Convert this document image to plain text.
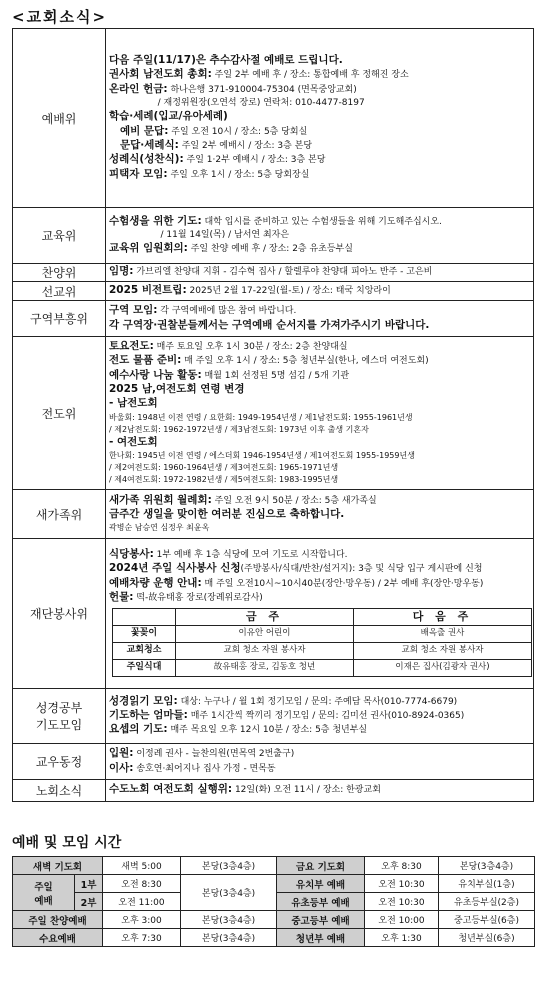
<교회소식>
예배위	
다음 주일(11/17)은 추수감사절 예배로 드립니다.
권사회 남전도회 총회: 주일 2부 예배 후 / 장소: 통합예배 후 정해진 장소
온라인 헌금: 하나은행 371-910004-75304 (면목중앙교회)
/ 재정위원장(오연석 장로) 연락처: 010-4477-8197
학습·세례(입교/유아세례)
예비 문답: 주일 오전 10시 / 장소: 5층 당회실
문답·세례식: 주일 2부 예배시 / 장소: 3층 본당
성례식(성찬식): 주일 1·2부 예배시 / 장소: 3층 본당
피택자 모임: 주일 오후 1시 / 장소: 5층 당회장실

교육위	
수험생을 위한 기도: 대학 입시를 준비하고 있는 수험생들을 위해 기도해주십시오.
/ 11월 14일(목) / 남서연 최자은
교육위 임원회의: 주일 찬양 예배 후 / 장소: 2층 유초등부실

찬양위	임명: 가브리엘 찬양대 지휘 - 김수혁 집사 / 할렐루야 찬양대 피아노 반주 - 고은비

선교위	2025 비전트립: 2025년 2월 17-22일(월-토) / 장소: 태국 치앙라이

구역부흥위	
구역 모임: 각 구역예배에 많은 참여 바랍니다.
각 구역장·권찰분들께서는 구역예배 순서지를 가져가주시기 바랍니다.

전도위	
토요전도: 매주 토요일 오후 1시 30분 / 장소: 2층 찬양대실
전도 물품 준비: 매 주일 오후 1시 / 장소: 5층 청년부실(한나, 에스더 여전도회)
예수사랑 나눔 활동: 매월 1회 선정된 5명 섬김 / 5개 기관
2025 남,여전도회 연령 변경
- 남전도회
바울회: 1948년 이전 연령 / 요한회: 1949-1954년생 / 제1남전도회: 1955-1961년생
/ 제2남전도회: 1962-1972년생 / 제3남전도회: 1973년 이후 출생 기혼자
- 여전도회
한나회: 1945년 이전 연령 / 에스더회 1946-1954년생 / 제1여전도회 1955-1959년생
/ 제2여전도회: 1960-1964년생 / 제3여전도회: 1965-1971년생
/ 제4여전도회: 1972-1982년생 / 제5여전도회: 1983-1995년생

새가족위	
새가족 위원회 월례회: 주일 오전 9시 50분 / 장소: 5층 새가족실
금주간 생일을 맞이한 여러분 진심으로 축하합니다.
곽병순 남승연 심정우 최윤옥

재단봉사위	
식당봉사: 1부 예배 후 1층 식당에 모여 기도로 시작합니다.
2024년 주일 식사봉사 신청(주방봉사/식대/반찬/설거지): 3층 및 식당 입구 게시판에 신청
예배차량 운행 안내: 매 주일 오전10시~10시40분(장안·망우동) / 2부 예배 후(장안·망우동)
헌물: 떡-故유태홍 장로(장례위로감사)
	금 주	다 음 주
꽃꽂이	이유안 어린이	배옥출 권사
교회청소	교회 청소 자원 봉사자	교회 청소 자원 봉사자
주일식대	故유태홍 장로, 김동호 청년	이재은 집사(김광자 권사)

성경공부
기도모임	
성경읽기 모임: 대상: 누구나 / 월 1회 정기모임 / 문의: 주예담 목사(010-7774-6679)
기도하는 엄마들: 매주 1시간씩 짝끼리 정기모임 / 문의: 김미선 권사(010-8924-0365)
요셉의 기도: 매주 목요일 오후 12시 10분 / 장소: 5층 청년부실

교우동정	
입원: 이정례 권사 - 늘찬의원(면목역 2번출구)
이사: 송호연·최어지나 집사 가정 - 면목동

노회소식	수도노회 여전도회 실행위: 12일(화) 오전 11시 / 장소: 한광교회
예배 및 모임 시간
새벽 기도회		새벽 5:00	본당(3층4층)	금요 기도회	오후 8:30	본당(3층4층)
주일
예배	1부	오전 8:30	본당(3층4층)	유치부 예배	오전 10:30	유치부실(1층)
	2부	오전 11:00		유초등부 예배	오전 10:30	유초등부실(2층)
주일 찬양예배		오후 3:00	본당(3층4층)	중고등부 예배	오전 10:00	중고등부실(6층)
수요예배		오후 7:30	본당(3층4층)	청년부 예배	오후 1:30	청년부실(6층)
